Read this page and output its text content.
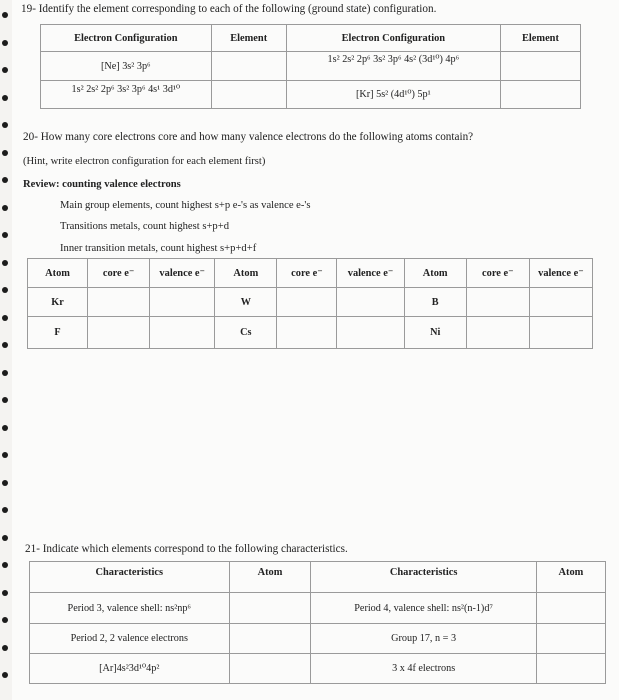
19- Identify the element corresponding to each of the following (ground state) configuration.
Electron Configuration	Element	Electron Configuration	Element
[Ne] 3s² 3p⁶		1s² 2s² 2p⁶ 3s² 3p⁶ 4s² (3d¹⁰) 4p⁶	
1s² 2s² 2p⁶ 3s² 3p⁶ 4s¹ 3d¹⁰		[Kr] 5s² (4d¹⁰) 5p¹	
20- How many core electrons core and how many valence electrons do the following atoms contain?
(Hint, write electron configuration for each element first)
Review: counting valence electrons
Main group elements, count highest s+p e-'s as valence e-'s
Transitions metals, count highest s+p+d
Inner transition metals, count highest s+p+d+f
Atom	core e⁻	valence e⁻	Atom	core e⁻	valence e⁻	Atom	core e⁻	valence e⁻
Kr			W			B		
F			Cs			Ni		
21- Indicate which elements correspond to the following characteristics.
Characteristics	Atom	Characteristics	Atom
Period 3, valence shell: ns²np⁶		Period 4, valence shell: ns²(n-1)d⁷	
Period 2, 2 valence electrons		Group 17, n = 3	
[Ar]4s²3d¹⁰4p²		3 x 4f electrons	
